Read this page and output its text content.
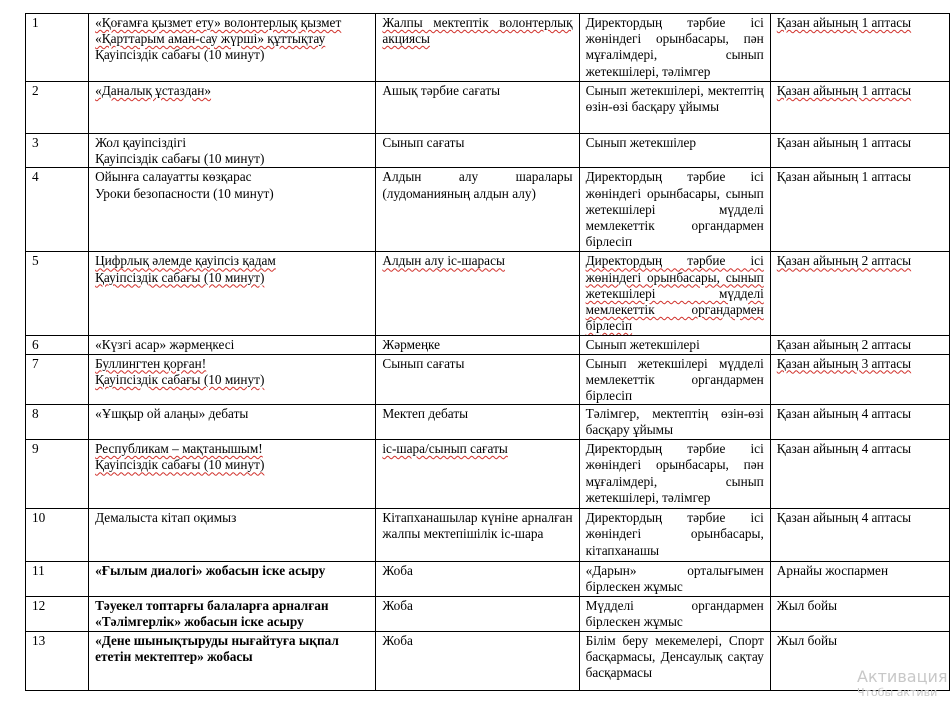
1	«Қоғамға қызмет ету» волонтерлық қызмет
«Қарттарым аман-сау жүрші» құттықтау
Қауіпсіздік сабағы (10 минут)	Жалпы мектептік волонтерлық акциясы	Директордың тәрбие ісі жөніндегі орынбасары, пән мұғалімдері, сынып жетекшілері, тәлімгер	Қазан айының 1 аптасы
2	«Даналық ұстаздан»	Ашық тәрбие сағаты	Сынып жетекшілері, мектептің өзін-өзі басқару ұйымы	Қазан айының 1 аптасы
3	Жол қауіпсіздігі
Қауіпсіздік сабағы (10 минут)	Сынып сағаты	Сынып жетекшілер	Қазан айының 1 аптасы
4	Ойынға салауатты көзқарас
Уроки безопасности (10 минут)	Алдын алу шаралары (лудоманияның алдын алу)	Директордың тәрбие ісі жөніндегі орынбасары, сынып жетекшілері мүдделі мемлекеттік органдармен бірлесіп	Қазан айының 1 аптасы
5	Цифрлық әлемде қауіпсіз қадам
Қауіпсіздік сабағы (10 минут)	Алдын алу іс-шарасы	Директордың тәрбие ісі жөніндегі орынбасары, сынып жетекшілері мүдделі мемлекеттік органдармен бірлесіп	Қазан айының 2 аптасы
6	«Күзгі асар» жәрмеңкесі	Жәрмеңке	Сынып жетекшілері	Қазан айының 2 аптасы
7	Буллингтен қорған!
Қауіпсіздік сабағы (10 минут)	Сынып сағаты	Сынып жетекшілері мүдделі мемлекеттік органдармен бірлесіп	Қазан айының 3 аптасы
8	«Ұшқыр ой алаңы» дебаты	Мектеп дебаты	Тәлімгер, мектептің өзін-өзі басқару ұйымы	Қазан айының 4 аптасы
9	Республикам – мақтанышым!
Қауіпсіздік сабағы (10 минут)	іс-шара/сынып сағаты	Директордың тәрбие ісі жөніндегі орынбасары, пән мұғалімдері, сынып жетекшілері, тәлімгер	Қазан айының 4 аптасы
10	Демалыста кітап оқимыз	Кітапханашылар күніне арналған жалпы мектепішілік іс-шара	Директордың тәрбие ісі жөніндегі орынбасары, кітапханашы	Қазан айының 4 аптасы
11	«Ғылым диалогі» жобасын іске асыру	Жоба	«Дарын» орталығымен бірлескен жұмыс	Арнайы жоспармен
12	Тәуекел топтарғы балаларға арналған «Тәлімгерлік» жобасын іске асыру	Жоба	Мүдделі органдармен бірлескен жұмыс	Жыл бойы
13	«Дене шынықтыруды нығайтуға ықпал ететін мектептер» жобасы	Жоба	Білім беру мекемелері, Спорт басқармасы, Денсаулық сақтау басқармасы	Жыл бойы
Активация
Чтобы активи
